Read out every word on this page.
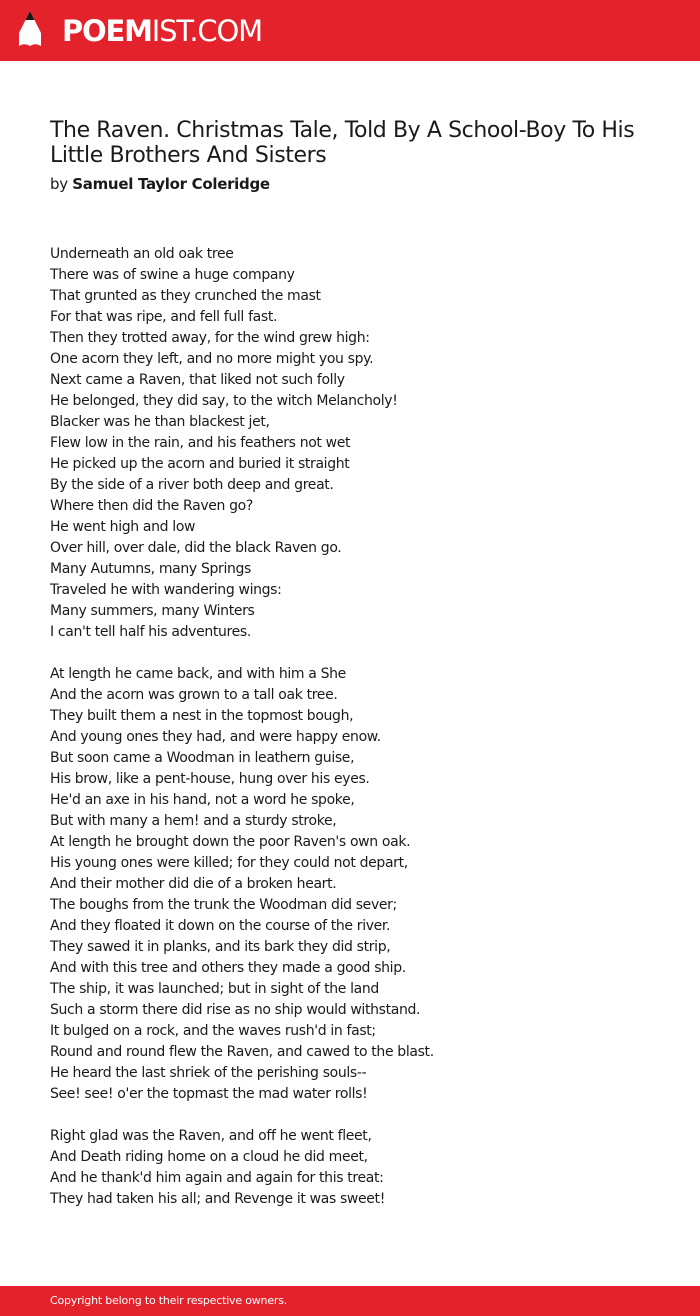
POEMIST.COM
The Raven. Christmas Tale, Told By A School-Boy To His Little Brothers And Sisters
by Samuel Taylor Coleridge
Underneath an old oak tree
There was of swine a huge company
That grunted as they crunched the mast
For that was ripe, and fell full fast.
Then they trotted away, for the wind grew high:
One acorn they left, and no more might you spy.
Next came a Raven, that liked not such folly
He belonged, they did say, to the witch Melancholy!
Blacker was he than blackest jet,
Flew low in the rain, and his feathers not wet
He picked up the acorn and buried it straight
By the side of a river both deep and great.
Where then did the Raven go?
He went high and low
Over hill, over dale, did the black Raven go.
Many Autumns, many Springs
Traveled he with wandering wings:
Many summers, many Winters
I can't tell half his adventures.
At length he came back, and with him a She
And the acorn was grown to a tall oak tree.
They built them a nest in the topmost bough,
And young ones they had, and were happy enow.
But soon came a Woodman in leathern guise,
His brow, like a pent-house, hung over his eyes.
He'd an axe in his hand, not a word he spoke,
But with many a hem! and a sturdy stroke,
At length he brought down the poor Raven's own oak.
His young ones were killed; for they could not depart,
And their mother did die of a broken heart.
The boughs from the trunk the Woodman did sever;
And they floated it down on the course of the river.
They sawed it in planks, and its bark they did strip,
And with this tree and others they made a good ship.
The ship, it was launched; but in sight of the land
Such a storm there did rise as no ship would withstand.
It bulged on a rock, and the waves rush'd in fast;
Round and round flew the Raven, and cawed to the blast.
He heard the last shriek of the perishing souls--
See! see! o'er the topmast the mad water rolls!
Right glad was the Raven, and off he went fleet,
And Death riding home on a cloud he did meet,
And he thank'd him again and again for this treat:
They had taken his all; and Revenge it was sweet!
Copyright belong to their respective owners.
